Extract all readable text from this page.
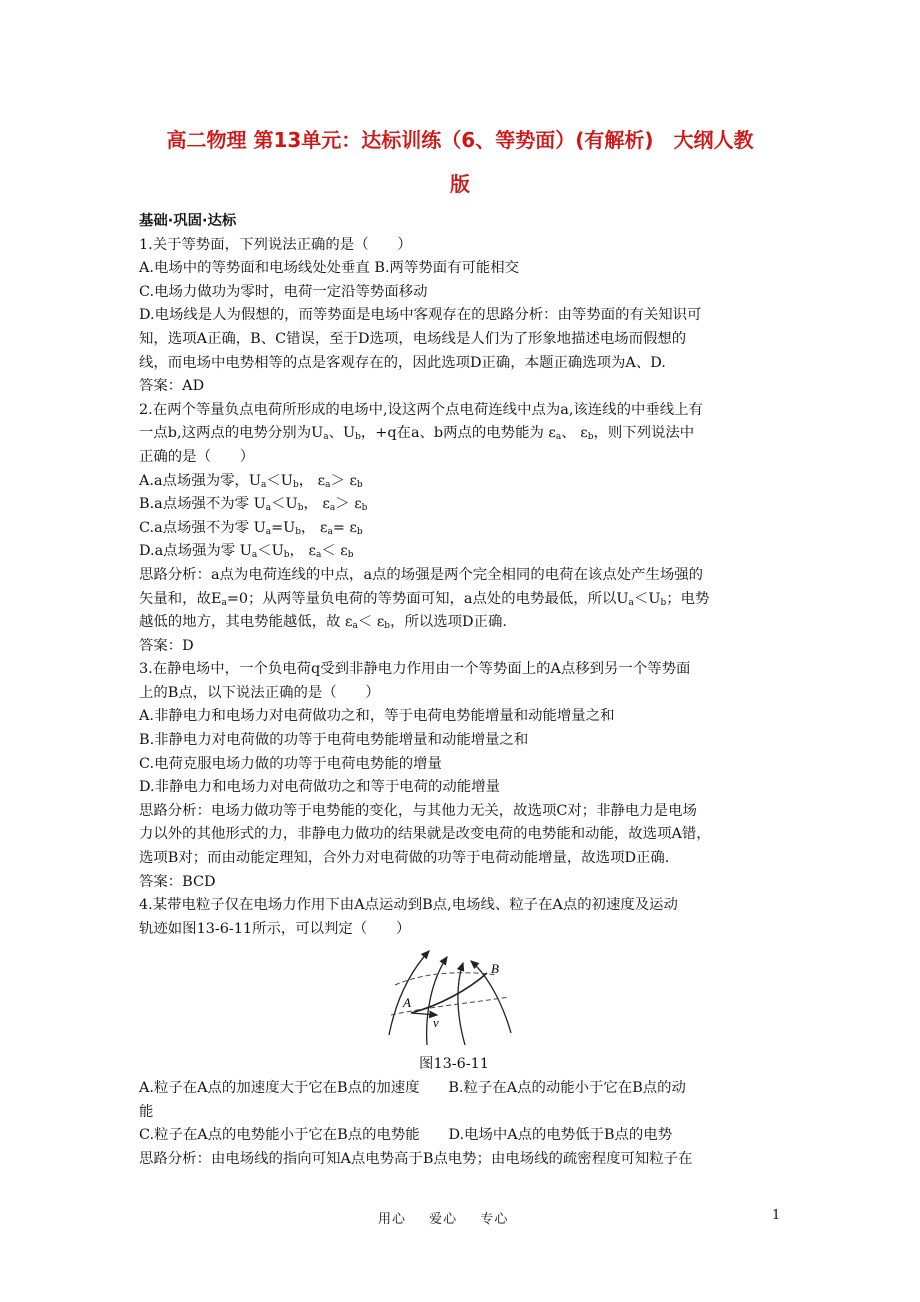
高二物理 第13单元：达标训练（6、等势面）(有解析)　大纲人教
版
基础·巩固·达标
1.关于等势面，下列说法正确的是（　　）
A.电场中的等势面和电场线处处垂直 B.两等势面有可能相交
C.电场力做功为零时，电荷一定沿等势面移动
D.电场线是人为假想的，而等势面是电场中客观存在的思路分析：由等势面的有关知识可
知，选项A正确，B、C错误，至于D选项，电场线是人们为了形象地描述电场而假想的
线，而电场中电势相等的点是客观存在的，因此选项D正确，本题正确选项为A、D.
答案：AD
2.在两个等量负点电荷所形成的电场中,设这两个点电荷连线中点为a,该连线的中垂线上有
一点b,这两点的电势分别为$U_a$、$U_b$，+q在a、b两点的电势能为 $\varepsilon_a$、 $\varepsilon_b$，则下列说法中
正确的是（　　）
A.a点场强为零，$U_a<U_b$， $\varepsilon_a> \varepsilon_b$
B.a点场强不为零 $U_a<U_b$， $\varepsilon_a> \varepsilon_b$
C.a点场强不为零 $U_a=U_b$， $\varepsilon_a= \varepsilon_b$
D.a点场强为零 $U_a<U_b$， $\varepsilon_a< \varepsilon_b$
思路分析：a点为电荷连线的中点，a点的场强是两个完全相同的电荷在该点处产生场强的
矢量和，故$E_a=0$；从两等量负电荷的等势面可知，a点处的电势最低，所以$U_a<U_b$；电势
越低的地方，其电势能越低，故 $\varepsilon_a< \varepsilon_b$，所以选项D正确.
答案：D
3.在静电场中，一个负电荷q受到非静电力作用由一个等势面上的A点移到另一个等势面
上的B点，以下说法正确的是（　　）
A.非静电力和电场力对电荷做功之和，等于电荷电势能增量和动能增量之和
B.非静电力对电荷做的功等于电荷电势能增量和动能增量之和
C.电荷克服电场力做的功等于电荷电势能的增量
D.非静电力和电场力对电荷做功之和等于电荷的动能增量
思路分析：电场力做功等于电势能的变化，与其他力无关，故选项C对；非静电力是电场
力以外的其他形式的力，非静电力做功的结果就是改变电荷的电势能和动能，故选项A错，
选项B对；而由动能定理知，合外力对电荷做的功等于电荷动能增量，故选项D正确.
答案：BCD
4.某带电粒子仅在电场力作用下由A点运动到B点,电场线、粒子在A点的初速度及运动
轨迹如图13-6-11所示，可以判定（　　）
A
B
v
图13-6-11
A.粒子在A点的加速度大于它在B点的加速度　　B.粒子在A点的动能小于它在B点的动
能
C.粒子在A点的电势能小于它在B点的电势能　　D.电场中A点的电势低于B点的电势
思路分析：由电场线的指向可知A点电势高于B点电势；由电场线的疏密程度可知粒子在
用心 爱心 专心	1
